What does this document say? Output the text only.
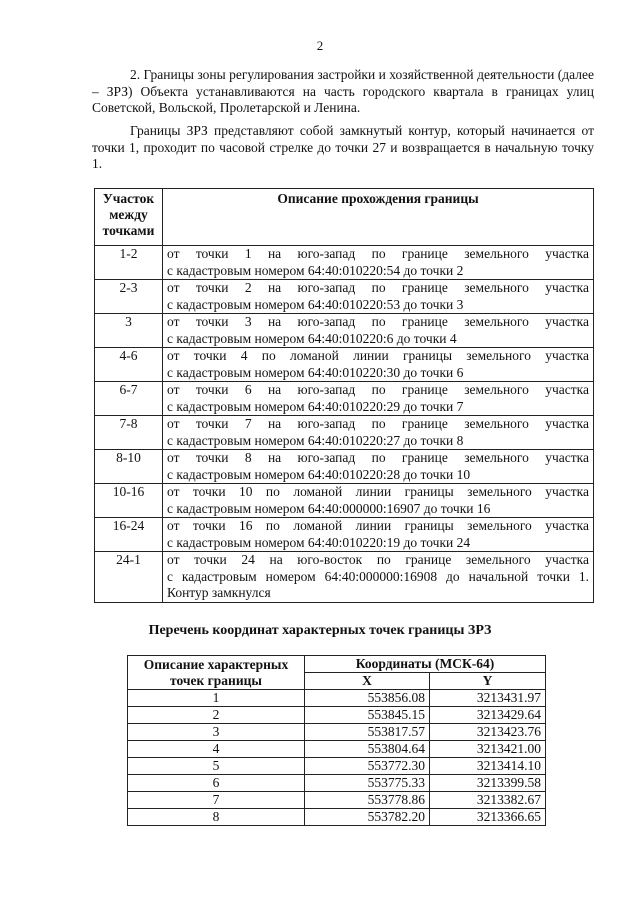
2

2. Границы зоны регулирования застройки и хозяйственной деятельности (далее – ЗРЗ) Объекта устанавливаются на часть городского квартала в границах улиц Советской, Вольской, Пролетарской и Ленина.

Границы ЗРЗ представляют собой замкнутый контур, который начинается от точки 1, проходит по часовой стрелке до точки 27 и возвращается в начальную точку 1.

Участок между точками	Описание прохождения границы
1-2	от точки 1 на юго-запад по границе земельного участка
с кадастровым номером 64:40:010220:54 до точки 2

2-3	от точки 2 на юго-запад по границе земельного участка
с кадастровым номером 64:40:010220:53 до точки 3

3	от точки 3 на юго-запад по границе земельного участка
с кадастровым номером 64:40:010220:6 до точки 4

4-6	от точки 4 по ломаной линии границы земельного участка
с кадастровым номером 64:40:010220:30 до точки 6

6-7	от точки 6 на юго-запад по границе земельного участка
с кадастровым номером 64:40:010220:29 до точки 7

7-8	от точки 7 на юго-запад по границе земельного участка
с кадастровым номером 64:40:010220:27 до точки 8

8-10	от точки 8 на юго-запад по границе земельного участка
с кадастровым номером 64:40:010220:28 до точки 10

10-16	от точки 10 по ломаной линии границы земельного участка
с кадастровым номером 64:40:000000:16907 до точки 16

16-24	от точки 16 по ломаной линии границы земельного участка
с кадастровым номером 64:40:010220:19 до точки 24

24-1	от точки 24 на юго-восток по границе земельного участка
с кадастровым номером 64:40:000000:16908 до начальной точки 1.
Контур замкнулся
Перечень координат характерных точек границы ЗРЗ
Описание характерных точек границы	Координаты (МСК-64)	
	X	Y
1	553856.08	3213431.97
2	553845.15	3213429.64
3	553817.57	3213423.76
4	553804.64	3213421.00
5	553772.30	3213414.10
6	553775.33	3213399.58
7	553778.86	3213382.67
8	553782.20	3213366.65
